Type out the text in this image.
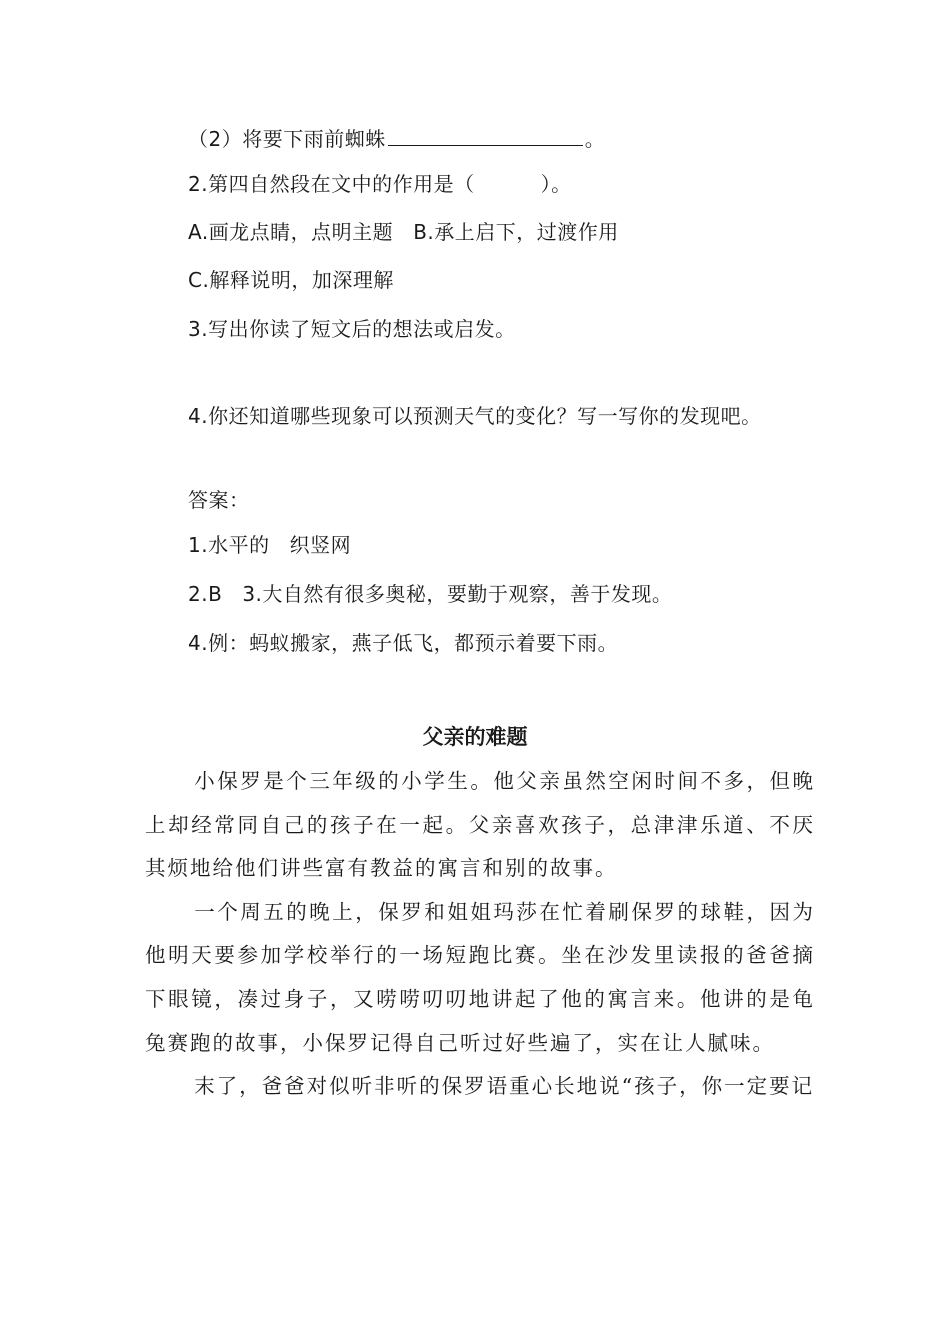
（2）将要下雨前蜘蛛	。
2.第四自然段在文中的作用是（	）。
A.画龙点睛，点明主题 B.承上启下，过渡作用
C.解释说明，加深理解
3.写出你读了短文后的想法或启发。
4.你还知道哪些现象可以预测天气的变化？写一写你的发现吧。
答案：
1.水平的 织竖网
2.B 3.大自然有很多奥秘，要勤于观察，善于发现。
4.例：蚂蚁搬家，燕子低飞，都预示着要下雨。
父亲的难题

小保罗是个三年级的小学生。他父亲虽然空闲时间不多，但晚上却经常同自己的孩子在一起。父亲喜欢孩子，总津津乐道、不厌其烦地给他们讲些富有教益的寓言和别的故事。

一个周五的晚上，保罗和姐姐玛莎在忙着刷保罗的球鞋，因为他明天要参加学校举行的一场短跑比赛。坐在沙发里读报的爸爸摘下眼镜，凑过身子，又唠唠叨叨地讲起了他的寓言来。他讲的是龟兔赛跑的故事，小保罗记得自己听过好些遍了，实在让人腻味。

末了，爸爸对似听非听的保罗语重心长地说“孩子，你一定要记
